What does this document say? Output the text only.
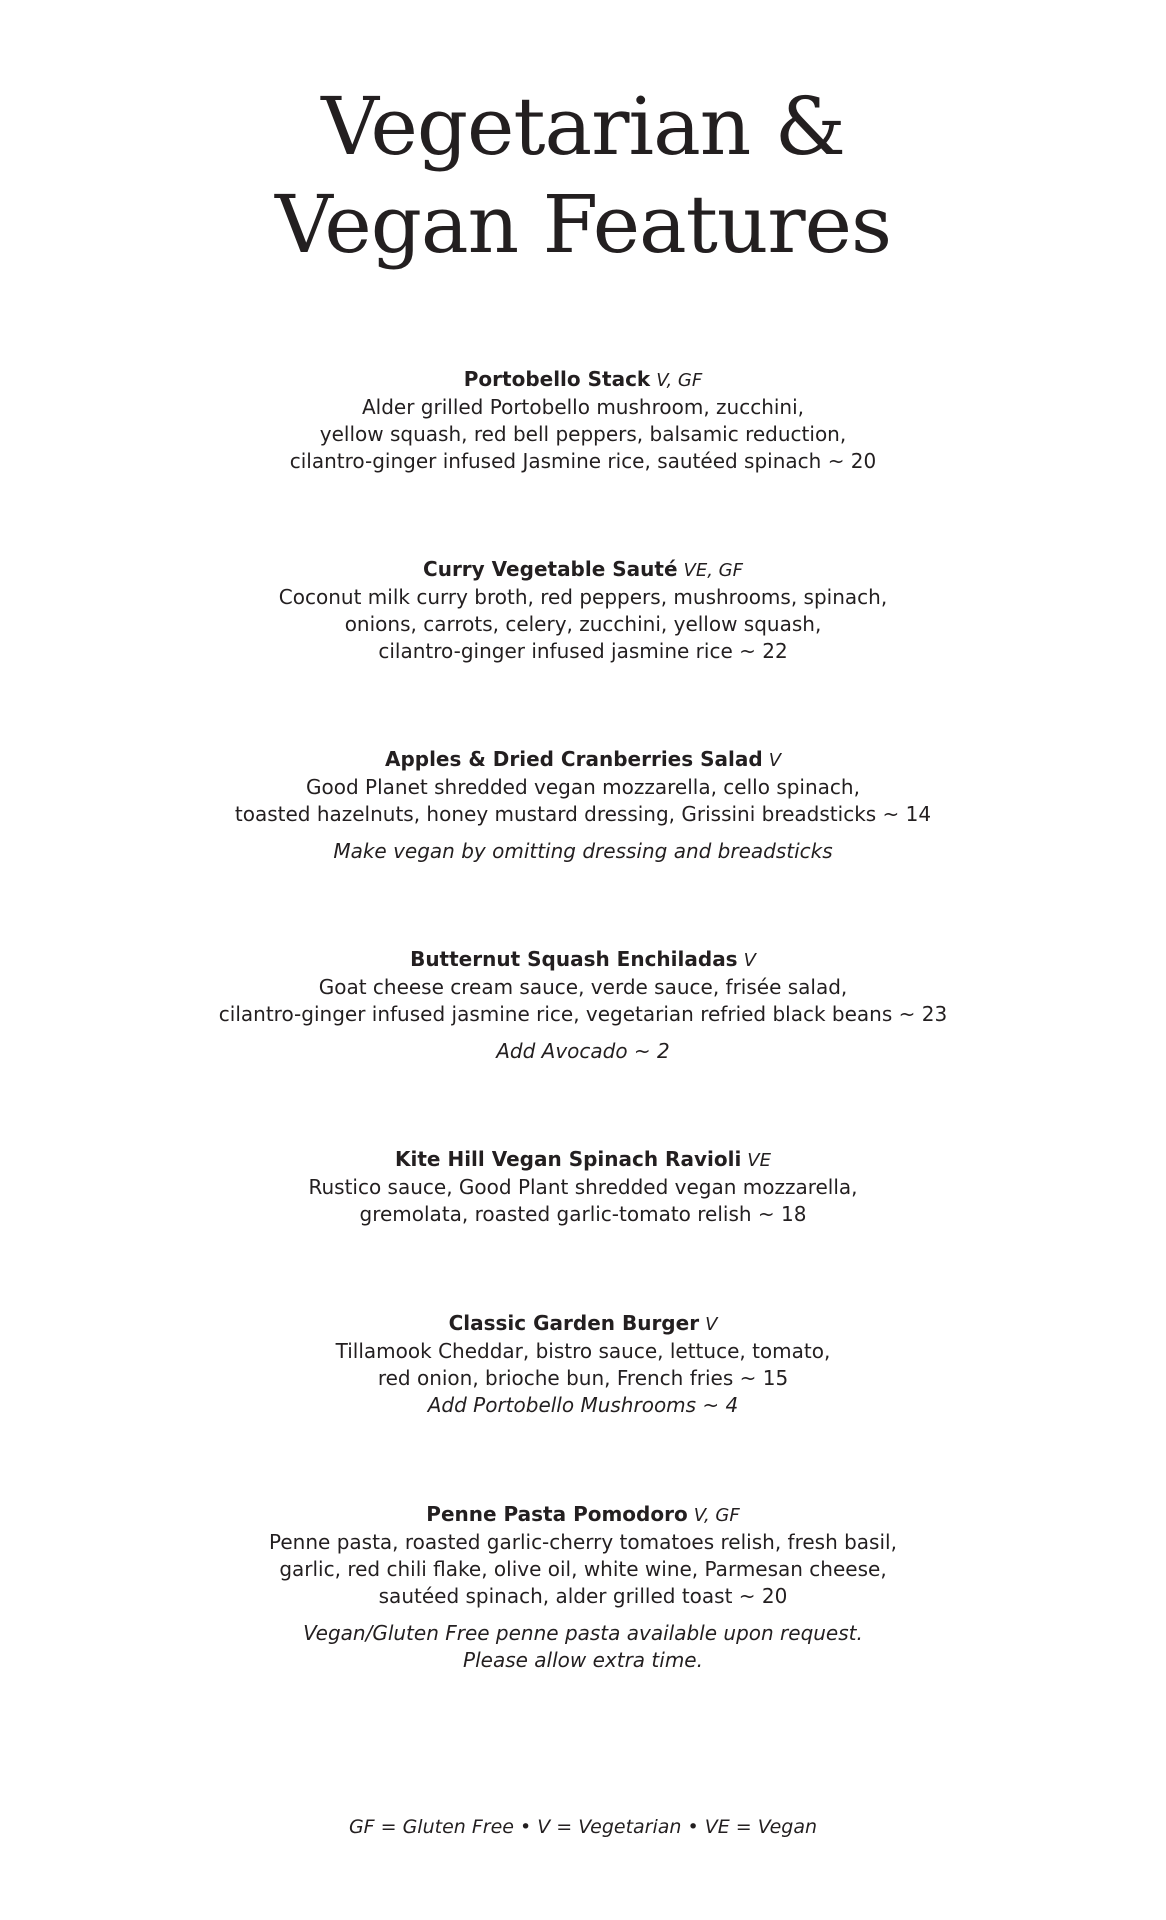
Vegetarian &
Vegan Features
Portobello Stack V, GF
Alder grilled Portobello mushroom, zucchini,
yellow squash, red bell peppers, balsamic reduction,
cilantro-ginger infused Jasmine rice, sautéed spinach ~ 20
Curry Vegetable Sauté VE, GF
Coconut milk curry broth, red peppers, mushrooms, spinach,
onions, carrots, celery, zucchini, yellow squash,
cilantro-ginger infused jasmine rice ~ 22
Apples & Dried Cranberries Salad V
Good Planet shredded vegan mozzarella, cello spinach,
toasted hazelnuts, honey mustard dressing, Grissini breadsticks ~ 14
Make vegan by omitting dressing and breadsticks
Butternut Squash Enchiladas V
Goat cheese cream sauce, verde sauce, frisée salad,
cilantro-ginger infused jasmine rice, vegetarian refried black beans ~ 23
Add Avocado ~ 2
Kite Hill Vegan Spinach Ravioli VE
Rustico sauce, Good Plant shredded vegan mozzarella,
gremolata, roasted garlic-tomato relish ~ 18
Classic Garden Burger V
Tillamook Cheddar, bistro sauce, lettuce, tomato,
red onion, brioche bun, French fries ~ 15
Add Portobello Mushrooms ~ 4
Penne Pasta Pomodoro V, GF
Penne pasta, roasted garlic-cherry tomatoes relish, fresh basil,
garlic, red chili flake, olive oil, white wine, Parmesan cheese,
sautéed spinach, alder grilled toast ~ 20
Vegan/Gluten Free penne pasta available upon request.
Please allow extra time.
GF = Gluten Free • V = Vegetarian • VE = Vegan
